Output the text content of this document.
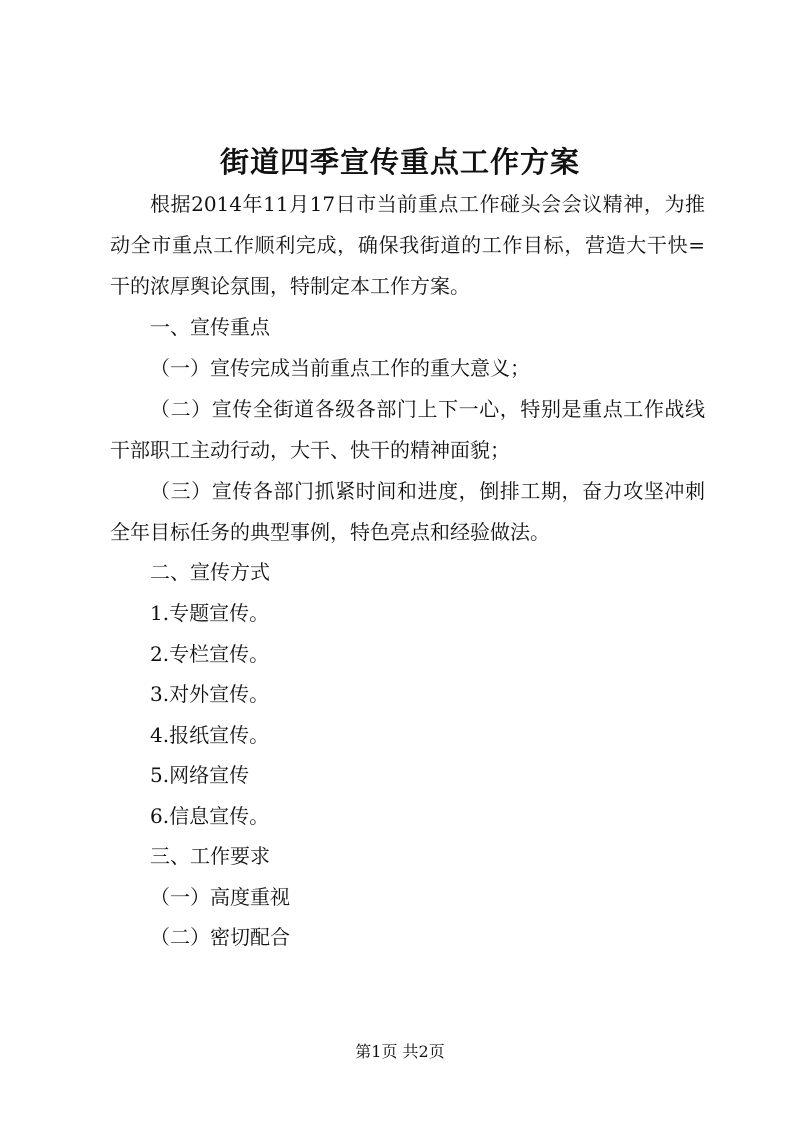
街道四季宣传重点工作方案
根据2014年11月17日市当前重点工作碰头会会议精神，为推动全市重点工作顺利完成，确保我街道的工作目标，营造大干快=干的浓厚舆论氛围，特制定本工作方案。
一、宣传重点
（一）宣传完成当前重点工作的重大意义；
（二）宣传全街道各级各部门上下一心，特别是重点工作战线干部职工主动行动，大干、快干的精神面貌；
（三）宣传各部门抓紧时间和进度，倒排工期，奋力攻坚冲刺全年目标任务的典型事例，特色亮点和经验做法。
二、宣传方式
1.专题宣传。
2.专栏宣传。
3.对外宣传。
4.报纸宣传。
5.网络宣传
6.信息宣传。
三、工作要求
（一）高度重视
（二）密切配合
第1页 共2页
